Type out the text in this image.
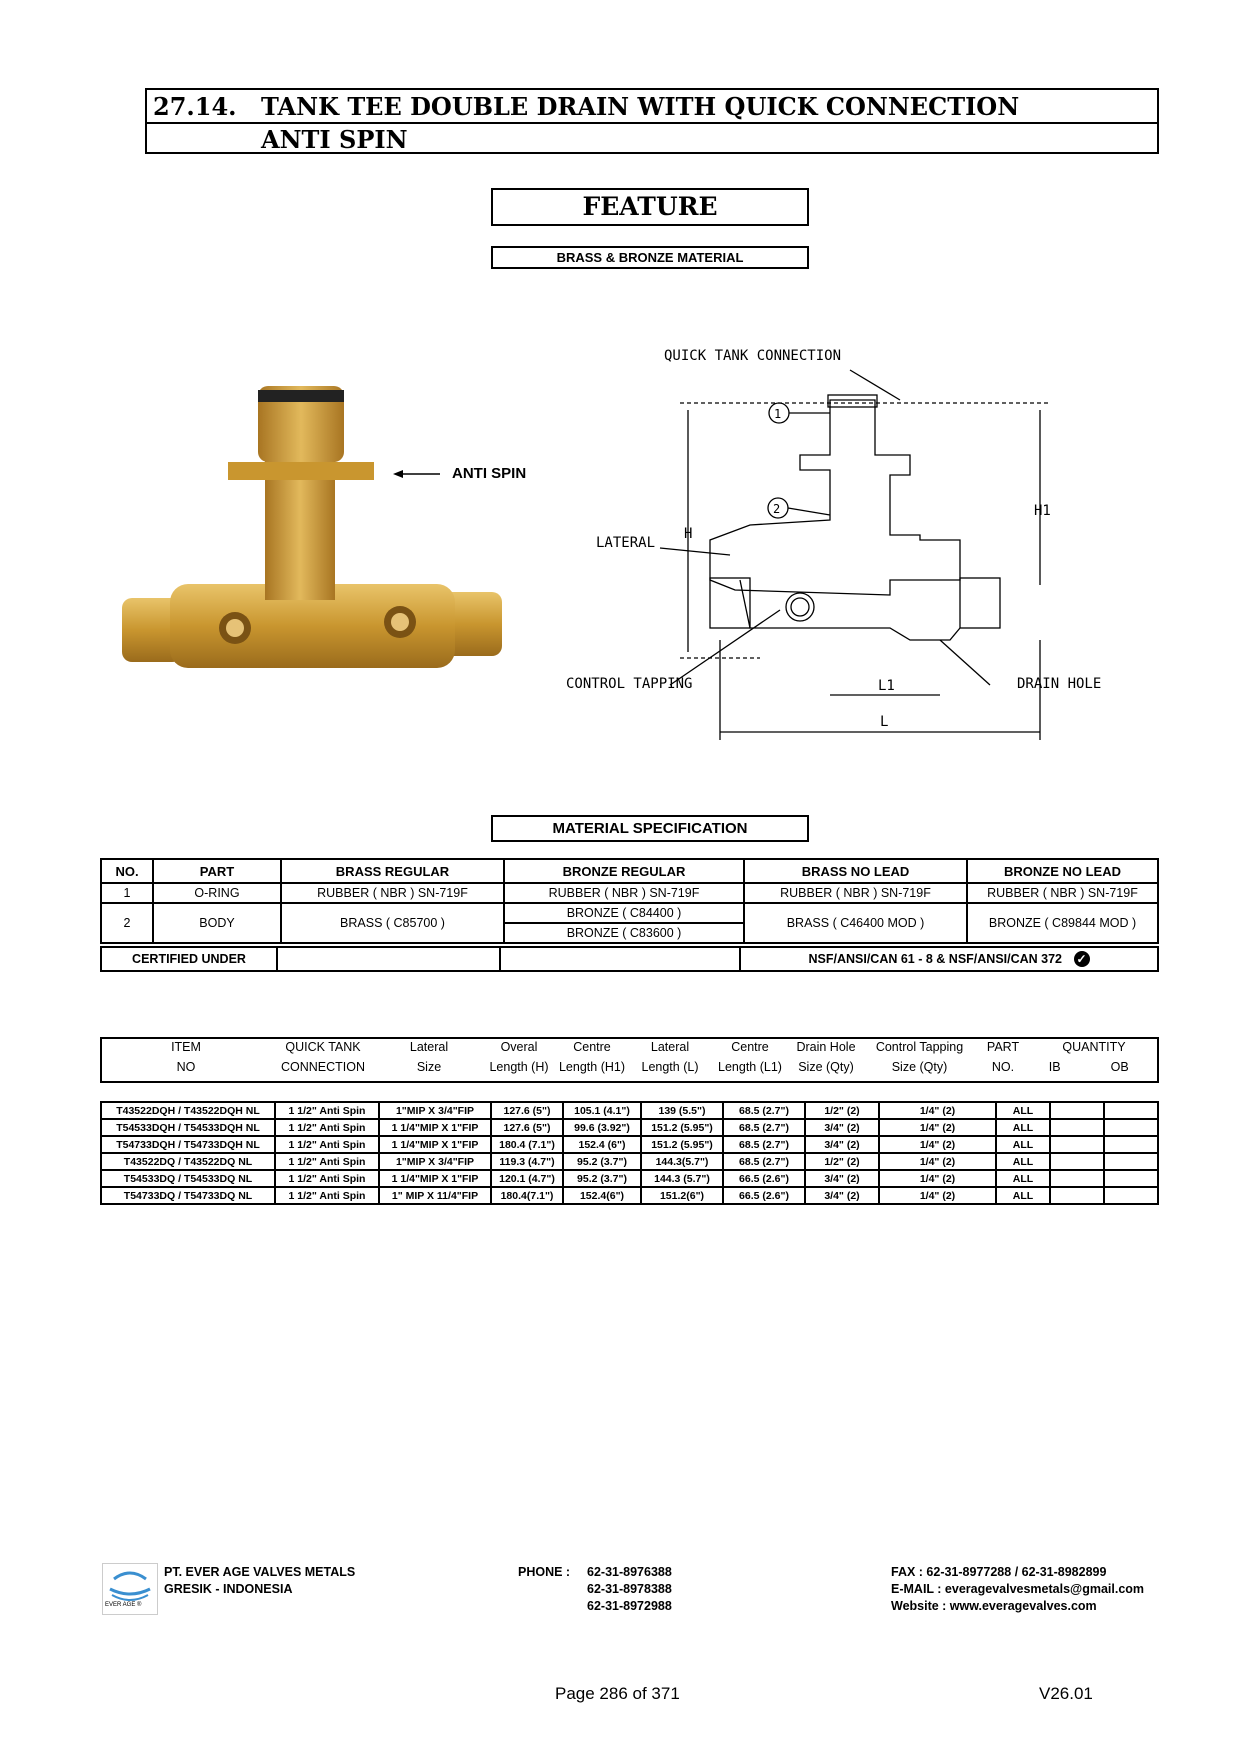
27.14. TANK TEE DOUBLE DRAIN WITH QUICK CONNECTION
ANTI SPIN
FEATURE
BRASS & BRONZE MATERIAL
ANTI SPIN
1
2
QUICK TANK CONNECTION
LATERAL
CONTROL TAPPING	DRAIN HOLE
H
H1
L1
L
MATERIAL SPECIFICATION
NO.	PART	BRASS REGULAR	BRONZE REGULAR	BRASS NO LEAD	BRONZE NO LEAD
1	O-RING	RUBBER ( NBR ) SN-719F	RUBBER ( NBR ) SN-719F	RUBBER ( NBR ) SN-719F	RUBBER ( NBR ) SN-719F
2	BODY	BRASS ( C85700 )	BRONZE ( C84400 )	BRASS ( C46400 MOD )	BRONZE ( C89844 MOD )
			BRONZE ( C83600 )		
CERTIFIED UNDER			NSF/ANSI/CAN 61 - 8 & NSF/ANSI/CAN 372 ✓
ITEM	QUICK TANK	Lateral	Overal	Centre	Lateral	Centre	Drain Hole	Control Tapping	PART	QUANTITY	
NO	CONNECTION	Size	Length (H)	Length (H1)	Length (L)	Length (L1)	Size (Qty)	Size (Qty)	NO.	IB	OB
T43522DQH / T43522DQH NL	1 1/2" Anti Spin	1"MIP X 3/4"FIP	127.6 (5")	105.1 (4.1")	139 (5.5")	68.5 (2.7")	1/2" (2)	1/4" (2)	ALL		
T54533DQH / T54533DQH NL	1 1/2" Anti Spin	1 1/4"MIP X 1"FIP	127.6 (5")	99.6 (3.92")	151.2 (5.95")	68.5 (2.7")	3/4" (2)	1/4" (2)	ALL		
T54733DQH / T54733DQH NL	1 1/2" Anti Spin	1 1/4"MIP X 1"FIP	180.4 (7.1")	152.4 (6")	151.2 (5.95")	68.5 (2.7")	3/4" (2)	1/4" (2)	ALL		
T43522DQ / T43522DQ NL	1 1/2" Anti Spin	1"MIP X 3/4"FIP	119.3 (4.7")	95.2 (3.7")	144.3(5.7")	68.5 (2.7")	1/2" (2)	1/4" (2)	ALL		
T54533DQ / T54533DQ NL	1 1/2" Anti Spin	1 1/4"MIP X 1"FIP	120.1 (4.7")	95.2 (3.7")	144.3 (5.7")	66.5 (2.6")	3/4" (2)	1/4" (2)	ALL		
T54733DQ / T54733DQ NL	1 1/2" Anti Spin	1" MIP X 11/4"FIP	180.4(7.1")	152.4(6")	151.2(6")	66.5 (2.6")	3/4" (2)	1/4" (2)	ALL		
EVER AGE ®
PT. EVER AGE VALVES METALS
GRESIK - INDONESIA
PHONE : 62-31-8976388
62-31-8978388
62-31-8972988
FAX : 62-31-8977288 / 62-31-8982899
E-MAIL : everagevalvesmetals@gmail.com
Website : www.everagevalves.com
Page 286 of 371	V26.01
